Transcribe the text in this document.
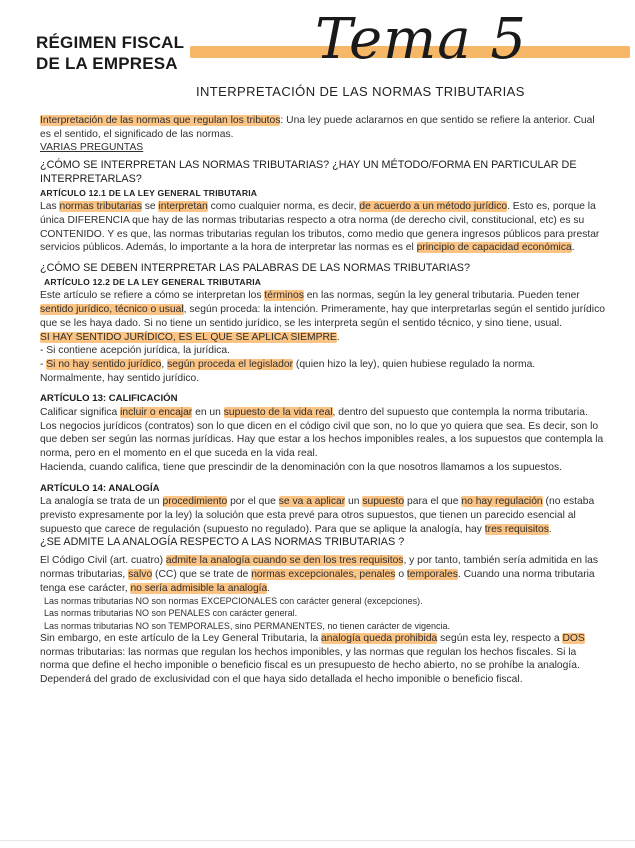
RÉGIMEN FISCAL
DE LA EMPRESA Tema 5
INTERPRETACIÓN DE LAS NORMAS TRIBUTARIAS

Interpretación de las normas que regulan los tributos: Una ley puede aclararnos en que sentido se refiere la anterior. Cual es el sentido, el significado de las normas.

VARIAS PREGUNTAS

¿CÓMO SE INTERPRETAN LAS NORMAS TRIBUTARIAS? ¿HAY UN MÉTODO/FORMA EN PARTICULAR DE INTERPRETARLAS?

ARTÍCULO 12.1 DE LA LEY GENERAL TRIBUTARIA

Las normas tributarias se interpretan como cualquier norma, es decir, de acuerdo a un método jurídico. Esto es, porque la única DIFERENCIA que hay de las normas tributarias respecto a otra norma (de derecho civil, constitucional, etc) es su CONTENIDO. Y es que, las normas tributarias regulan los tributos, como medio que genera ingresos públicos para prestar servicios públicos. Además, lo importante a la hora de interpretar las normas es el principio de capacidad económica.

¿CÓMO SE DEBEN INTERPRETAR LAS PALABRAS DE LAS NORMAS TRIBUTARIAS?

ARTÍCULO 12.2 DE LA LEY GENERAL TRIBUTARIA

Este artículo se refiere a cómo se interpretan los términos en las normas, según la ley general tributaria. Pueden tener sentido jurídico, técnico o usual, según proceda: la intención. Primeramente, hay que interpretarlas según el sentido jurídico que se les haya dado. Si no tiene un sentido jurídico, se les interpreta según el sentido técnico, y sino tiene, usual.

SI HAY SENTIDO JURÍDICO, ES EL QUE SE APLICA SIEMPRE.

- Si contiene acepción jurídica, la jurídica.

- Si no hay sentido jurídico, según proceda el legislador (quien hizo la ley), quien hubiese regulado la norma.

Normalmente, hay sentido jurídico.

ARTÍCULO 13: CALIFICACIÓN

Calificar significa incluir o encajar en un supuesto de la vida real, dentro del supuesto que contempla la norma tributaria. Los negocios jurídicos (contratos) son lo que dicen en el código civil que son, no lo que yo quiera que sea. Es decir, son lo que deben ser según las normas jurídicas. Hay que estar a los hechos imponibles reales, a los supuestos que contempla la norma, pero en el momento en el que suceda en la vida real.

Hacienda, cuando califica, tiene que prescindir de la denominación con la que nosotros llamamos a los supuestos.

ARTÍCULO 14: ANALOGÍA

La analogía se trata de un procedimiento por el que se va a aplicar un supuesto para el que no hay regulación (no estaba previsto expresamente por la ley) la solución que esta prevé para otros supuestos, que tienen un parecido esencial al supuesto que carece de regulación (supuesto no regulado). Para que se aplique la analogía, hay tres requisitos.

¿SE ADMITE LA ANALOGÍA RESPECTO A LAS NORMAS TRIBUTARIAS ?

El Código Civil (art. cuatro) admite la analogía cuando se den los tres requisitos, y por tanto, también sería admitida en las normas tributarias, salvo (CC) que se trate de normas excepcionales, penales o temporales. Cuando una norma tributaria tenga ese carácter, no sería admisible la analogía.

Las normas tributarias NO son normas EXCEPCIONALES con carácter general (excepciones).

Las normas tributarias NO son PENALES con carácter general.

Las normas tributarias NO son TEMPORALES, sino PERMANENTES, no tienen carácter de vigencia.

Sin embargo, en este artículo de la Ley General Tributaria, la analogía queda prohibida según esta ley, respecto a DOS normas tributarias: las normas que regulan los hechos imponibles, y las normas que regulan los hechos fiscales. Si la norma que define el hecho imponible o beneficio fiscal es un presupuesto de hecho abierto, no se prohíbe la analogía. Dependerá del grado de exclusividad con el que haya sido detallada el hecho imponible o beneficio fiscal.
